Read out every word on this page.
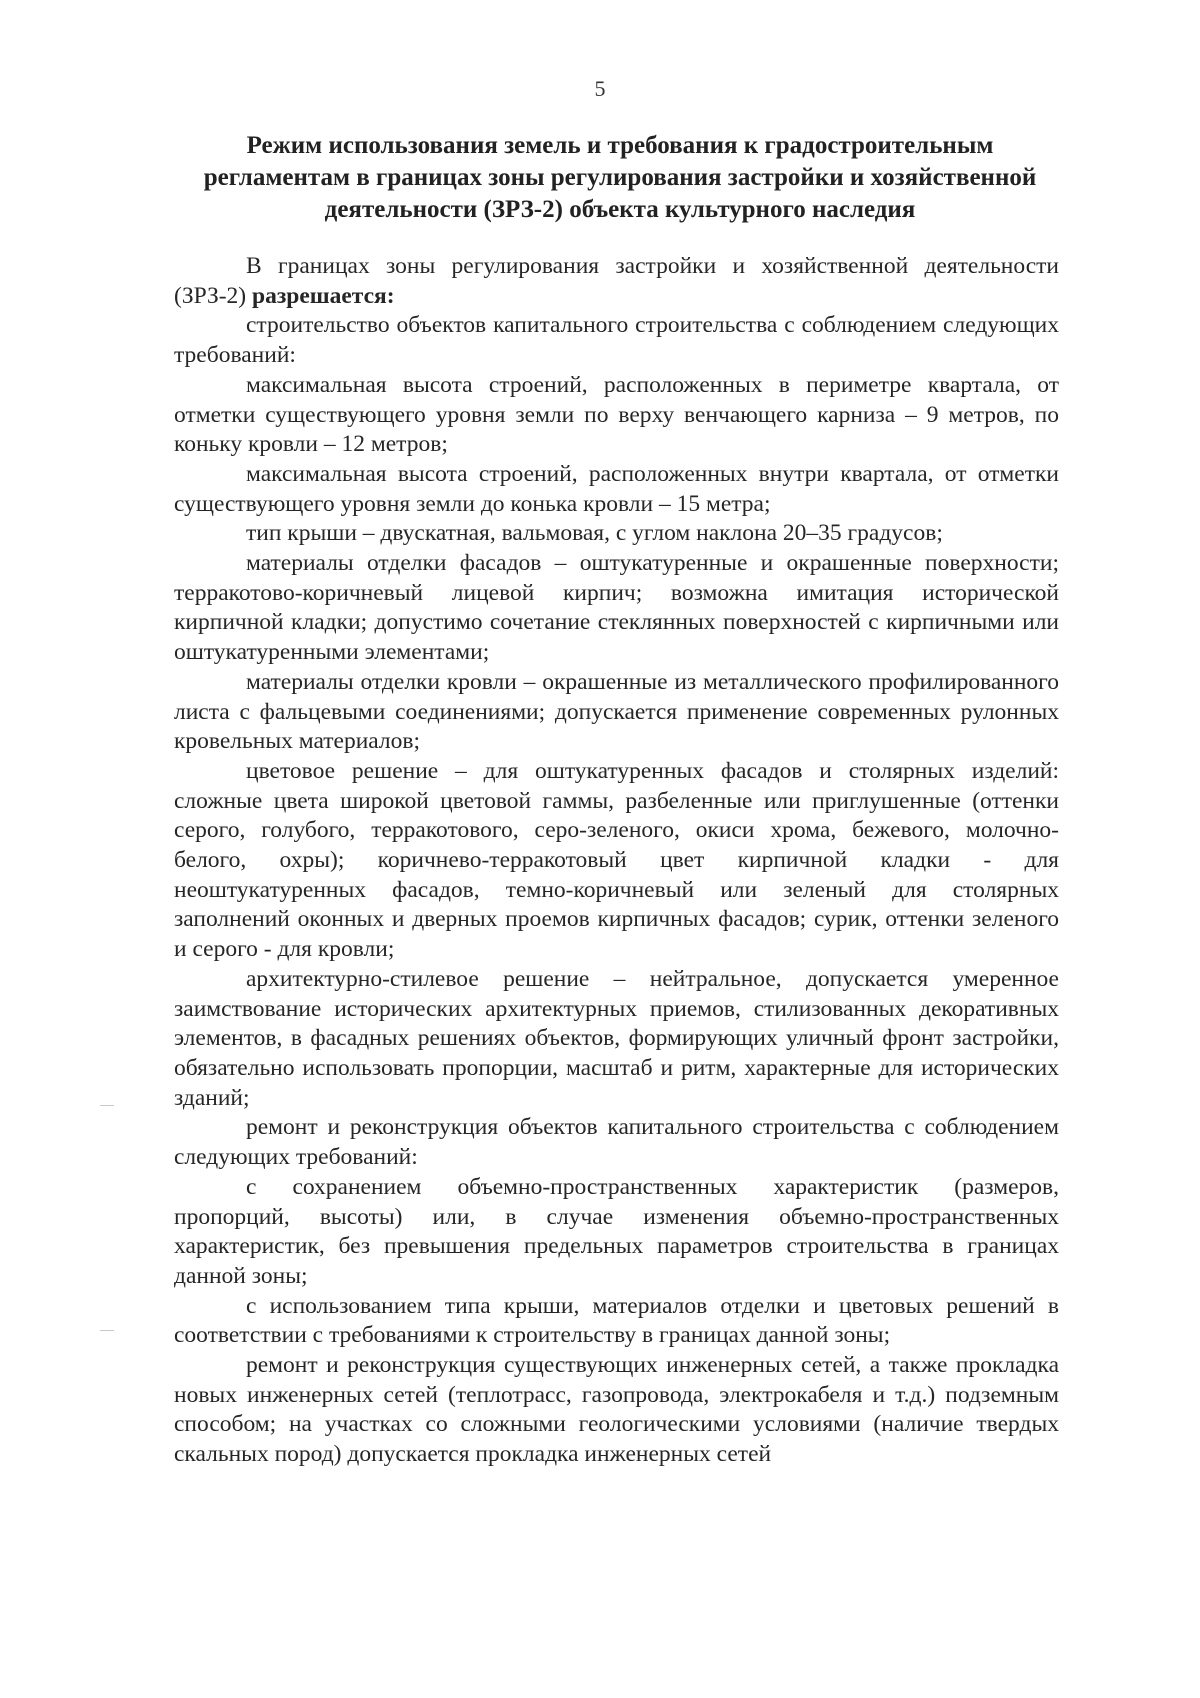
5
Режим использования земель и требования к градостроительным
регламентам в границах зоны регулирования застройки и хозяйственной
деятельности (ЗРЗ-2) объекта культурного наследия

В границах зоны регулирования застройки и хозяйственной деятельности (ЗРЗ-2) разрешается:

строительство объектов капитального строительства с соблюдением следующих требований:

максимальная высота строений, расположенных в периметре квартала, от отметки существующего уровня земли по верху венчающего карниза – 9 метров, по коньку кровли – 12 метров;

максимальная высота строений, расположенных внутри квартала, от отметки существующего уровня земли до конька кровли – 15 метра;

тип крыши – двускатная, вальмовая, с углом наклона 20–35 градусов;

материалы отделки фасадов – оштукатуренные и окрашенные поверхности; терракотово-коричневый лицевой кирпич; возможна имитация исторической кирпичной кладки; допустимо сочетание стеклянных поверхностей с кирпичными или оштукатуренными элементами;

материалы отделки кровли – окрашенные из металлического профилированного листа с фальцевыми соединениями; допускается применение современных рулонных кровельных материалов;

цветовое решение – для оштукатуренных фасадов и столярных изделий: сложные цвета широкой цветовой гаммы, разбеленные или приглушенные (оттенки серого, голубого, терракотового, серо-зеленого, окиси хрома, бежевого, молочно-белого, охры); коричнево-терракотовый цвет кирпичной кладки - для неоштукатуренных фасадов, темно-коричневый или зеленый для столярных заполнений оконных и дверных проемов кирпичных фасадов; сурик, оттенки зеленого и серого - для кровли;

архитектурно-стилевое решение – нейтральное, допускается умеренное заимствование исторических архитектурных приемов, стилизованных декоративных элементов, в фасадных решениях объектов, формирующих уличный фронт застройки, обязательно использовать пропорции, масштаб и ритм, характерные для исторических зданий;

ремонт и реконструкция объектов капитального строительства с соблюдением следующих требований:

с сохранением объемно-пространственных характеристик (размеров, пропорций, высоты) или, в случае изменения объемно-пространственных характеристик, без превышения предельных параметров строительства в границах данной зоны;

с использованием типа крыши, материалов отделки и цветовых решений в соответствии с требованиями к строительству в границах данной зоны;

ремонт и реконструкция существующих инженерных сетей, а также прокладка новых инженерных сетей (теплотрасс, газопровода, электрокабеля и т.д.) подземным способом; на участках со сложными геологическими условиями (наличие твердых скальных пород) допускается прокладка инженерных сетей
